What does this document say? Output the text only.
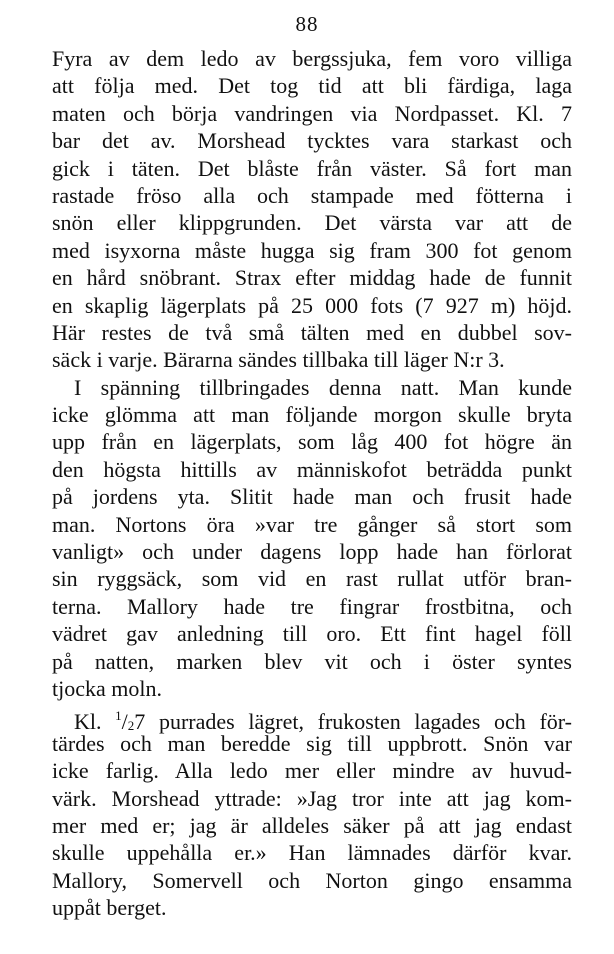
88
Fyra av dem ledo av bergssjuka, fem voro villiga
att följa med. Det tog tid att bli färdiga, laga
maten och börja vandringen via Nordpasset. Kl. 7
bar det av. Morshead tycktes vara starkast och
gick i täten. Det blåste från väster. Så fort man
rastade fröso alla och stampade med fötterna i
snön eller klippgrunden. Det värsta var att de
med isyxorna måste hugga sig fram 300 fot genom
en hård snöbrant. Strax efter middag hade de funnit
en skaplig lägerplats på 25 000 fots (7 927 m) höjd.
Här restes de två små tälten med en dubbel sov-
säck i varje. Bärarna sändes tillbaka till läger N:r 3.
I spänning tillbringades denna natt. Man kunde
icke glömma att man följande morgon skulle bryta
upp från en lägerplats, som låg 400 fot högre än
den högsta hittills av människofot beträdda punkt
på jordens yta. Slitit hade man och frusit hade
man. Nortons öra »var tre gånger så stort som
vanligt» och under dagens lopp hade han förlorat
sin ryggsäck, som vid en rast rullat utför bran-
terna. Mallory hade tre fingrar frostbitna, och
vädret gav anledning till oro. Ett fint hagel föll
på natten, marken blev vit och i öster syntes
tjocka moln.
Kl. $^1$/27 purrades lägret, frukosten lagades och för-
tärdes och man beredde sig till uppbrott. Snön var
icke farlig. Alla ledo mer eller mindre av huvud-
värk. Morshead yttrade: »Jag tror inte att jag kom-
mer med er; jag är alldeles säker på att jag endast
skulle uppehålla er.» Han lämnades därför kvar.
Mallory, Somervell och Norton gingo ensamma
uppåt berget.
